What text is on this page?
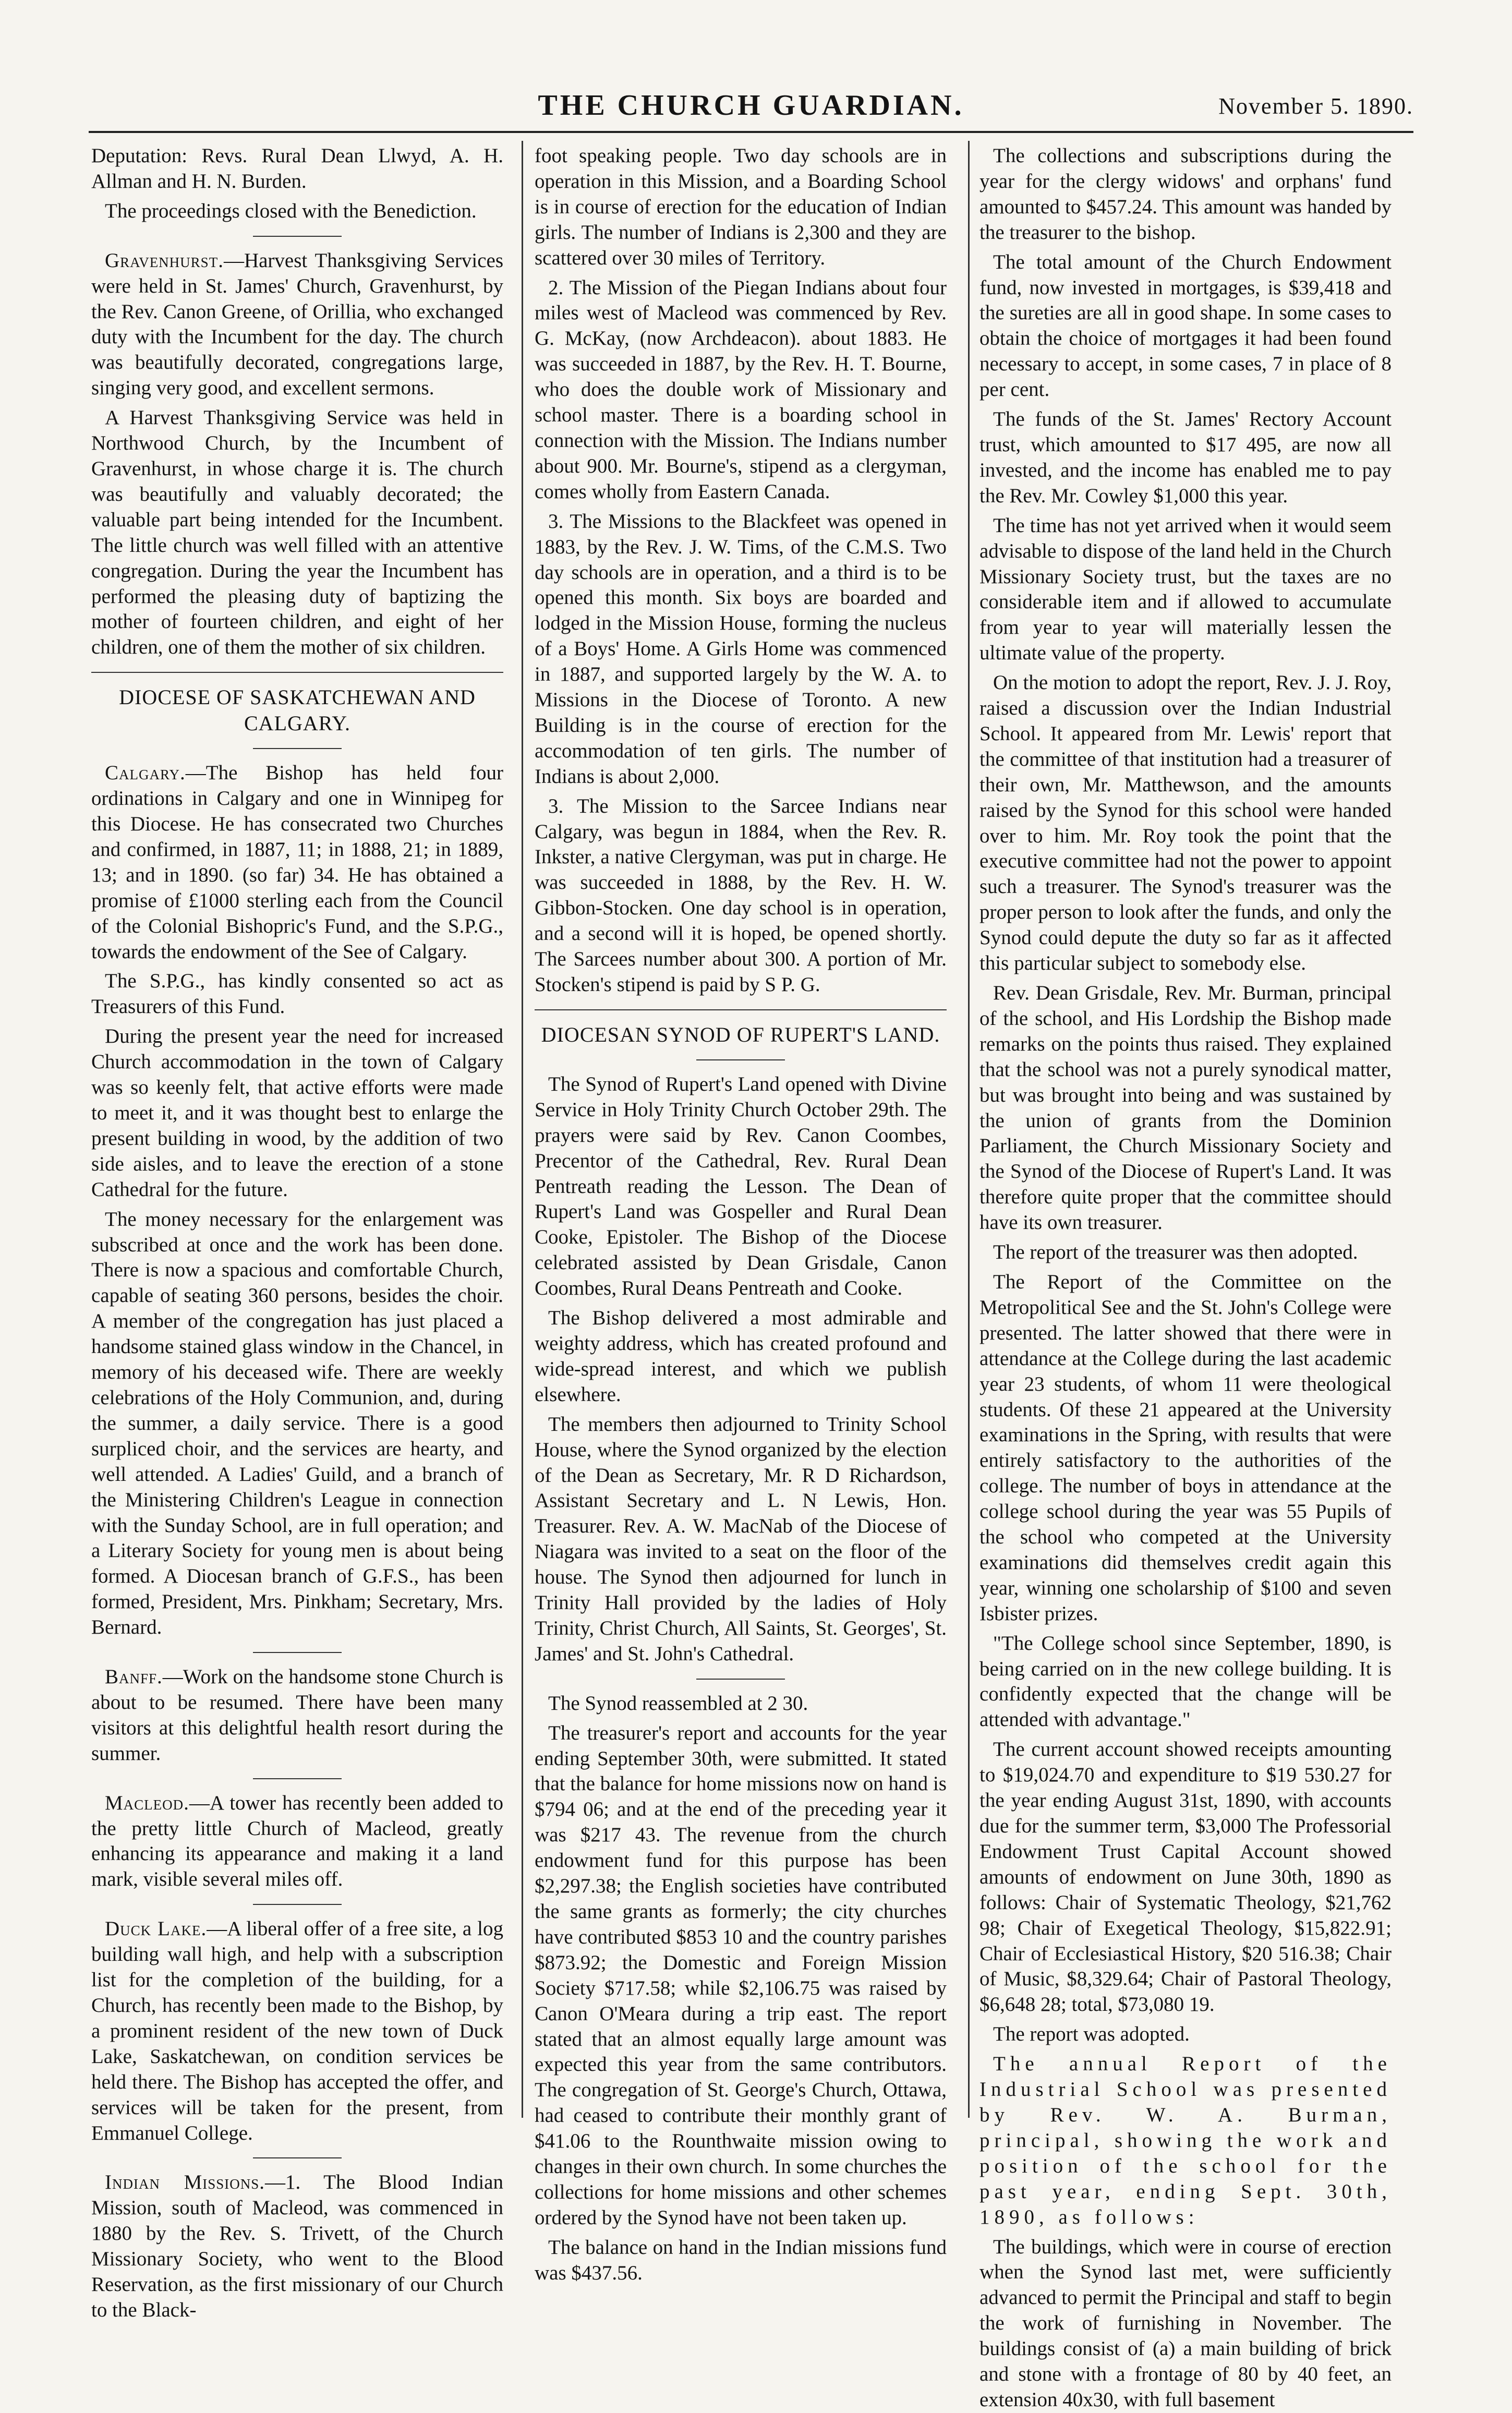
THE CHURCH GUARDIAN.	November 5. 1890.

Deputation: Revs. Rural Dean Llwyd, A. H. Allman and H. N. Burden.

The proceedings closed with the Benediction.

Gravenhurst.—Harvest Thanksgiving Services were held in St. James' Church, Gravenhurst, by the Rev. Canon Greene, of Orillia, who exchanged duty with the Incumbent for the day. The church was beautifully decorated, congregations large, singing very good, and excellent sermons.

A Harvest Thanksgiving Service was held in Northwood Church, by the Incumbent of Gravenhurst, in whose charge it is. The church was beautifully and valuably decorated; the valuable part being intended for the Incumbent. The little church was well filled with an attentive congregation. During the year the Incumbent has performed the pleasing duty of baptizing the mother of fourteen children, and eight of her children, one of them the mother of six children.

DIOCESE OF SASKATCHEWAN AND CALGARY.

Calgary.—The Bishop has held four ordinations in Calgary and one in Winnipeg for this Diocese. He has consecrated two Churches and confirmed, in 1887, 11; in 1888, 21; in 1889, 13; and in 1890. (so far) 34. He has obtained a promise of £1000 sterling each from the Council of the Colonial Bishopric's Fund, and the S.P.G., towards the endowment of the See of Calgary.

The S.P.G., has kindly consented so act as Treasurers of this Fund.

During the present year the need for increased Church accommodation in the town of Calgary was so keenly felt, that active efforts were made to meet it, and it was thought best to enlarge the present building in wood, by the addition of two side aisles, and to leave the erection of a stone Cathedral for the future.

The money necessary for the enlargement was subscribed at once and the work has been done. There is now a spacious and comfortable Church, capable of seating 360 persons, besides the choir. A member of the congregation has just placed a handsome stained glass window in the Chancel, in memory of his deceased wife. There are weekly celebrations of the Holy Communion, and, during the summer, a daily service. There is a good surpliced choir, and the services are hearty, and well attended. A Ladies' Guild, and a branch of the Ministering Children's League in connection with the Sunday School, are in full operation; and a Literary Society for young men is about being formed. A Diocesan branch of G.F.S., has been formed, President, Mrs. Pinkham; Secretary, Mrs. Bernard.

Banff.—Work on the handsome stone Church is about to be resumed. There have been many visitors at this delightful health resort during the summer.

Macleod.—A tower has recently been added to the pretty little Church of Macleod, greatly enhancing its appearance and making it a land mark, visible several miles off.

Duck Lake.—A liberal offer of a free site, a log building wall high, and help with a subscription list for the completion of the building, for a Church, has recently been made to the Bishop, by a prominent resident of the new town of Duck Lake, Saskatchewan, on condition services be held there. The Bishop has accepted the offer, and services will be taken for the present, from Emmanuel College.

Indian Missions.—1. The Blood Indian Mission, south of Macleod, was commenced in 1880 by the Rev. S. Trivett, of the Church Missionary Society, who went to the Blood Reservation, as the first missionary of our Church to the Black-

foot speaking people. Two day schools are in operation in this Mission, and a Boarding School is in course of erection for the education of Indian girls. The number of Indians is 2,300 and they are scattered over 30 miles of Territory.

2. The Mission of the Piegan Indians about four miles west of Macleod was commenced by Rev. G. McKay, (now Archdeacon). about 1883. He was succeeded in 1887, by the Rev. H. T. Bourne, who does the double work of Missionary and school master. There is a boarding school in connection with the Mission. The Indians number about 900. Mr. Bourne's, stipend as a clergyman, comes wholly from Eastern Canada.

3. The Missions to the Blackfeet was opened in 1883, by the Rev. J. W. Tims, of the C.M.S. Two day schools are in operation, and a third is to be opened this month. Six boys are boarded and lodged in the Mission House, forming the nucleus of a Boys' Home. A Girls Home was commenced in 1887, and supported largely by the W. A. to Missions in the Diocese of Toronto. A new Building is in the course of erection for the accommodation of ten girls. The number of Indians is about 2,000.

3. The Mission to the Sarcee Indians near Calgary, was begun in 1884, when the Rev. R. Inkster, a native Clergyman, was put in charge. He was succeeded in 1888, by the Rev. H. W. Gibbon-Stocken. One day school is in operation, and a second will it is hoped, be opened shortly. The Sarcees number about 300. A portion of Mr. Stocken's stipend is paid by S P. G.

DIOCESAN SYNOD OF RUPERT'S LAND.

The Synod of Rupert's Land opened with Divine Service in Holy Trinity Church October 29th. The prayers were said by Rev. Canon Coombes, Precentor of the Cathedral, Rev. Rural Dean Pentreath reading the Lesson. The Dean of Rupert's Land was Gospeller and Rural Dean Cooke, Epistoler. The Bishop of the Diocese celebrated assisted by Dean Grisdale, Canon Coombes, Rural Deans Pentreath and Cooke.

The Bishop delivered a most admirable and weighty address, which has created profound and wide-spread interest, and which we publish elsewhere.

The members then adjourned to Trinity School House, where the Synod organized by the election of the Dean as Secretary, Mr. R D Richardson, Assistant Secretary and L. N Lewis, Hon. Treasurer. Rev. A. W. MacNab of the Diocese of Niagara was invited to a seat on the floor of the house. The Synod then adjourned for lunch in Trinity Hall provided by the ladies of Holy Trinity, Christ Church, All Saints, St. Georges', St. James' and St. John's Cathedral.

The Synod reassembled at 2 30.

The treasurer's report and accounts for the year ending September 30th, were submitted. It stated that the balance for home missions now on hand is $794 06; and at the end of the preceding year it was $217 43. The revenue from the church endowment fund for this purpose has been $2,297.38; the English societies have contributed the same grants as formerly; the city churches have contributed $853 10 and the country parishes $873.92; the Domestic and Foreign Mission Society $717.58; while $2,106.75 was raised by Canon O'Meara during a trip east. The report stated that an almost equally large amount was expected this year from the same contributors. The congregation of St. George's Church, Ottawa, had ceased to contribute their monthly grant of $41.06 to the Rounthwaite mission owing to changes in their own church. In some churches the collections for home missions and other schemes ordered by the Synod have not been taken up.

The balance on hand in the Indian missions fund was $437.56.

The collections and subscriptions during the year for the clergy widows' and orphans' fund amounted to $457.24. This amount was handed by the treasurer to the bishop.

The total amount of the Church Endowment fund, now invested in mortgages, is $39,418 and the sureties are all in good shape. In some cases to obtain the choice of mortgages it had been found necessary to accept, in some cases, 7 in place of 8 per cent.

The funds of the St. James' Rectory Account trust, which amounted to $17 495, are now all invested, and the income has enabled me to pay the Rev. Mr. Cowley $1,000 this year.

The time has not yet arrived when it would seem advisable to dispose of the land held in the Church Missionary Society trust, but the taxes are no considerable item and if allowed to accumulate from year to year will materially lessen the ultimate value of the property.

On the motion to adopt the report, Rev. J. J. Roy, raised a discussion over the Indian Industrial School. It appeared from Mr. Lewis' report that the committee of that institution had a treasurer of their own, Mr. Matthewson, and the amounts raised by the Synod for this school were handed over to him. Mr. Roy took the point that the executive committee had not the power to appoint such a treasurer. The Synod's treasurer was the proper person to look after the funds, and only the Synod could depute the duty so far as it affected this particular subject to somebody else.

Rev. Dean Grisdale, Rev. Mr. Burman, principal of the school, and His Lordship the Bishop made remarks on the points thus raised. They explained that the school was not a purely synodical matter, but was brought into being and was sustained by the union of grants from the Dominion Parliament, the Church Missionary Society and the Synod of the Diocese of Rupert's Land. It was therefore quite proper that the committee should have its own treasurer.

The report of the treasurer was then adopted.

The Report of the Committee on the Metropolitical See and the St. John's College were presented. The latter showed that there were in attendance at the College during the last academic year 23 students, of whom 11 were theological students. Of these 21 appeared at the University examinations in the Spring, with results that were entirely satisfactory to the authorities of the college. The number of boys in attendance at the college school during the year was 55 Pupils of the school who competed at the University examinations did themselves credit again this year, winning one scholarship of $100 and seven Isbister prizes.

"The College school since September, 1890, is being carried on in the new college building. It is confidently expected that the change will be attended with advantage."

The current account showed receipts amounting to $19,024.70 and expenditure to $19 530.27 for the year ending August 31st, 1890, with accounts due for the summer term, $3,000 The Professorial Endowment Trust Capital Account showed amounts of endowment on June 30th, 1890 as follows: Chair of Systematic Theology, $21,762 98; Chair of Exegetical Theology, $15,822.91; Chair of Ecclesiastical History, $20 516.38; Chair of Music, $8,329.64; Chair of Pastoral Theology, $6,648 28; total, $73,080 19.

The report was adopted.

The annual Report of the Industrial School was presented by Rev. W. A. Burman, principal, showing the work and position of the school for the past year, ending Sept. 30th, 1890, as follows:

The buildings, which were in course of erection when the Synod last met, were sufficiently advanced to permit the Principal and staff to begin the work of furnishing in November. The buildings consist of (a) a main building of brick and stone with a frontage of 80 by 40 feet, an extension 40x30, with full basement
